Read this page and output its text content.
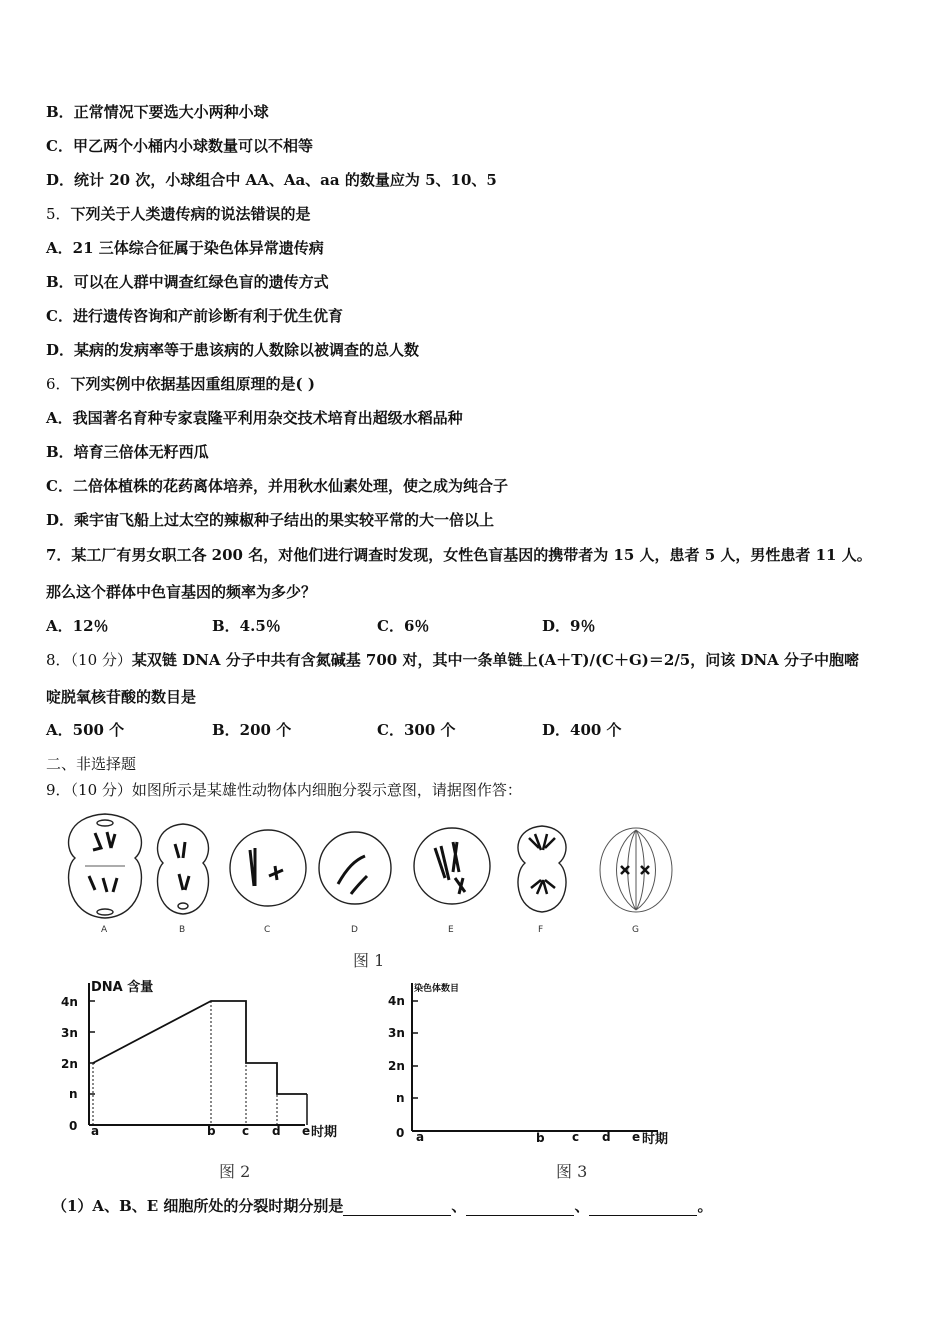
B．正常情况下要选大小两种小球
C．甲乙两个小桶内小球数量可以不相等
D．统计 20 次，小球组合中 AA、Aa、aa 的数量应为 5、10、5
5．下列关于人类遗传病的说法错误的是
A．21 三体综合征属于染色体异常遗传病
B．可以在人群中调查红绿色盲的遗传方式
C．进行遗传咨询和产前诊断有利于优生优育
D．某病的发病率等于患该病的人数除以被调查的总人数
6．下列实例中依据基因重组原理的是( )
A．我国著名育种专家袁隆平利用杂交技术培育出超级水稻品种
B．培育三倍体无籽西瓜
C．二倍体植株的花药离体培养，并用秋水仙素处理，使之成为纯合子
D．乘宇宙飞船上过太空的辣椒种子结出的果实较平常的大一倍以上
7．某工厂有男女职工各 200 名，对他们进行调查时发现，女性色盲基因的携带者为 15 人，患者 5 人，男性患者 11 人。
那么这个群体中色盲基因的频率为多少？
A．12％	B．4.5％	C．6％	D．9％
8．（10 分）某双链 DNA 分子中共有含氮碱基 700 对，其中一条单链上(A＋T)/(C＋G)＝2/5，问该 DNA 分子中胞嘧
啶脱氧核苷酸的数目是
A．500 个	B．200 个	C．300 个	D．400 个
二、非选择题
9．（10 分）如图所示是某雄性动物体内细胞分裂示意图，请据图作答：
A	B	C	D	E	F	G
图 1
DNA 含量
4n
3n
2n
n
0 a	b c d e 时期
图 2
染色体数目
4n
3n
2n
n
0 a	b c d e 时期
图 3
（1）A、B、E 细胞所处的分裂时期分别是	、	、	。
